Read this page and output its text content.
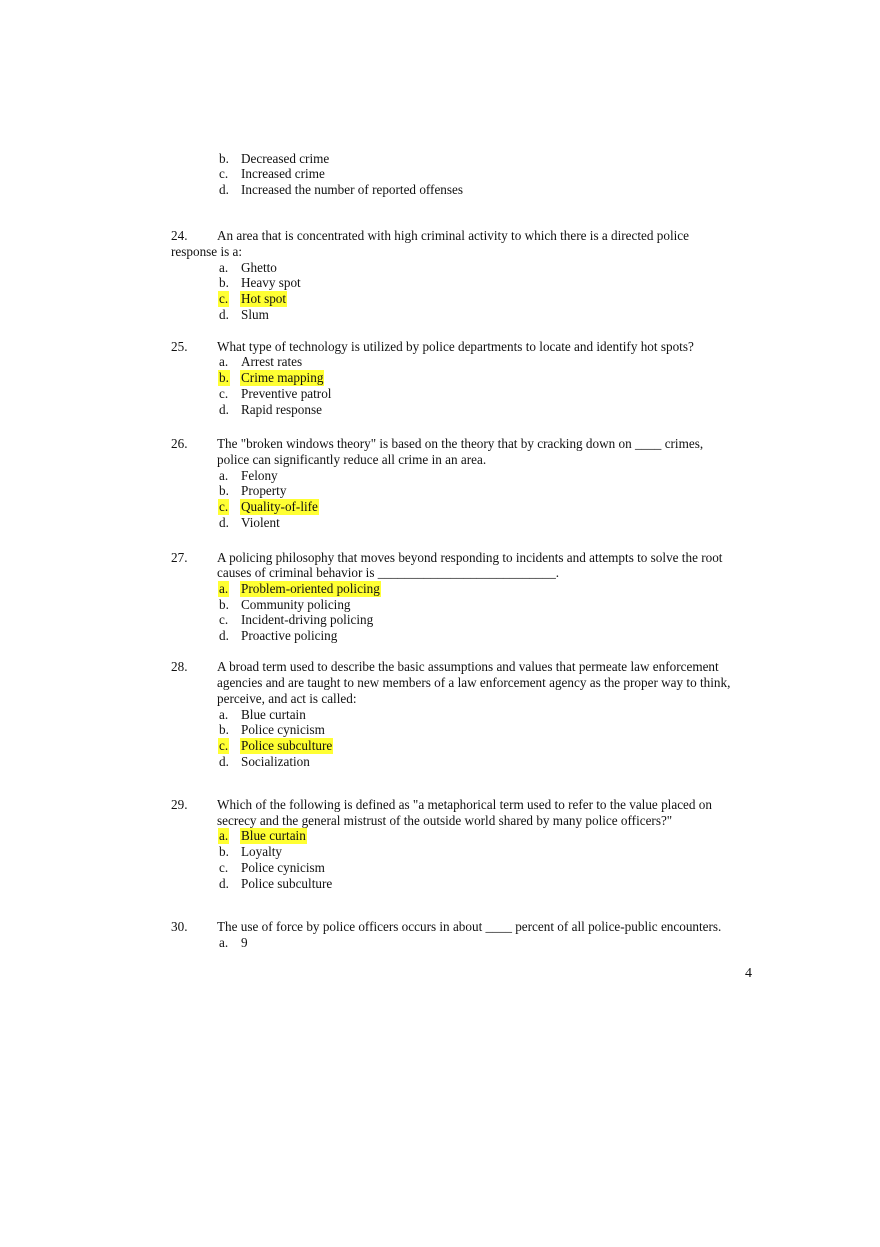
b. Decreased crime
c. Increased crime
d. Increased the number of reported offenses
24. An area that is concentrated with high criminal activity to which there is a directed police
response is a:
a. Ghetto
b. Heavy spot
c. Hot spot
d. Slum
25. What type of technology is utilized by police departments to locate and identify hot spots?
a. Arrest rates
b. Crime mapping
c. Preventive patrol
d. Rapid response
26. The "broken windows theory" is based on the theory that by cracking down on ____ crimes,
police can significantly reduce all crime in an area.
a. Felony
b. Property
c. Quality-of-life
d. Violent
27. A policing philosophy that moves beyond responding to incidents and attempts to solve the root
causes of criminal behavior is ___________________________.
a. Problem-oriented policing
b. Community policing
c. Incident-driving policing
d. Proactive policing
28. A broad term used to describe the basic assumptions and values that permeate law enforcement
agencies and are taught to new members of a law enforcement agency as the proper way to think,
perceive, and act is called:
a. Blue curtain
b. Police cynicism
c. Police subculture
d. Socialization
29. Which of the following is defined as "a metaphorical term used to refer to the value placed on
secrecy and the general mistrust of the outside world shared by many police officers?"
a. Blue curtain
b. Loyalty
c. Police cynicism
d. Police subculture
30. The use of force by police officers occurs in about ____ percent of all police-public encounters.
a. 9
4
